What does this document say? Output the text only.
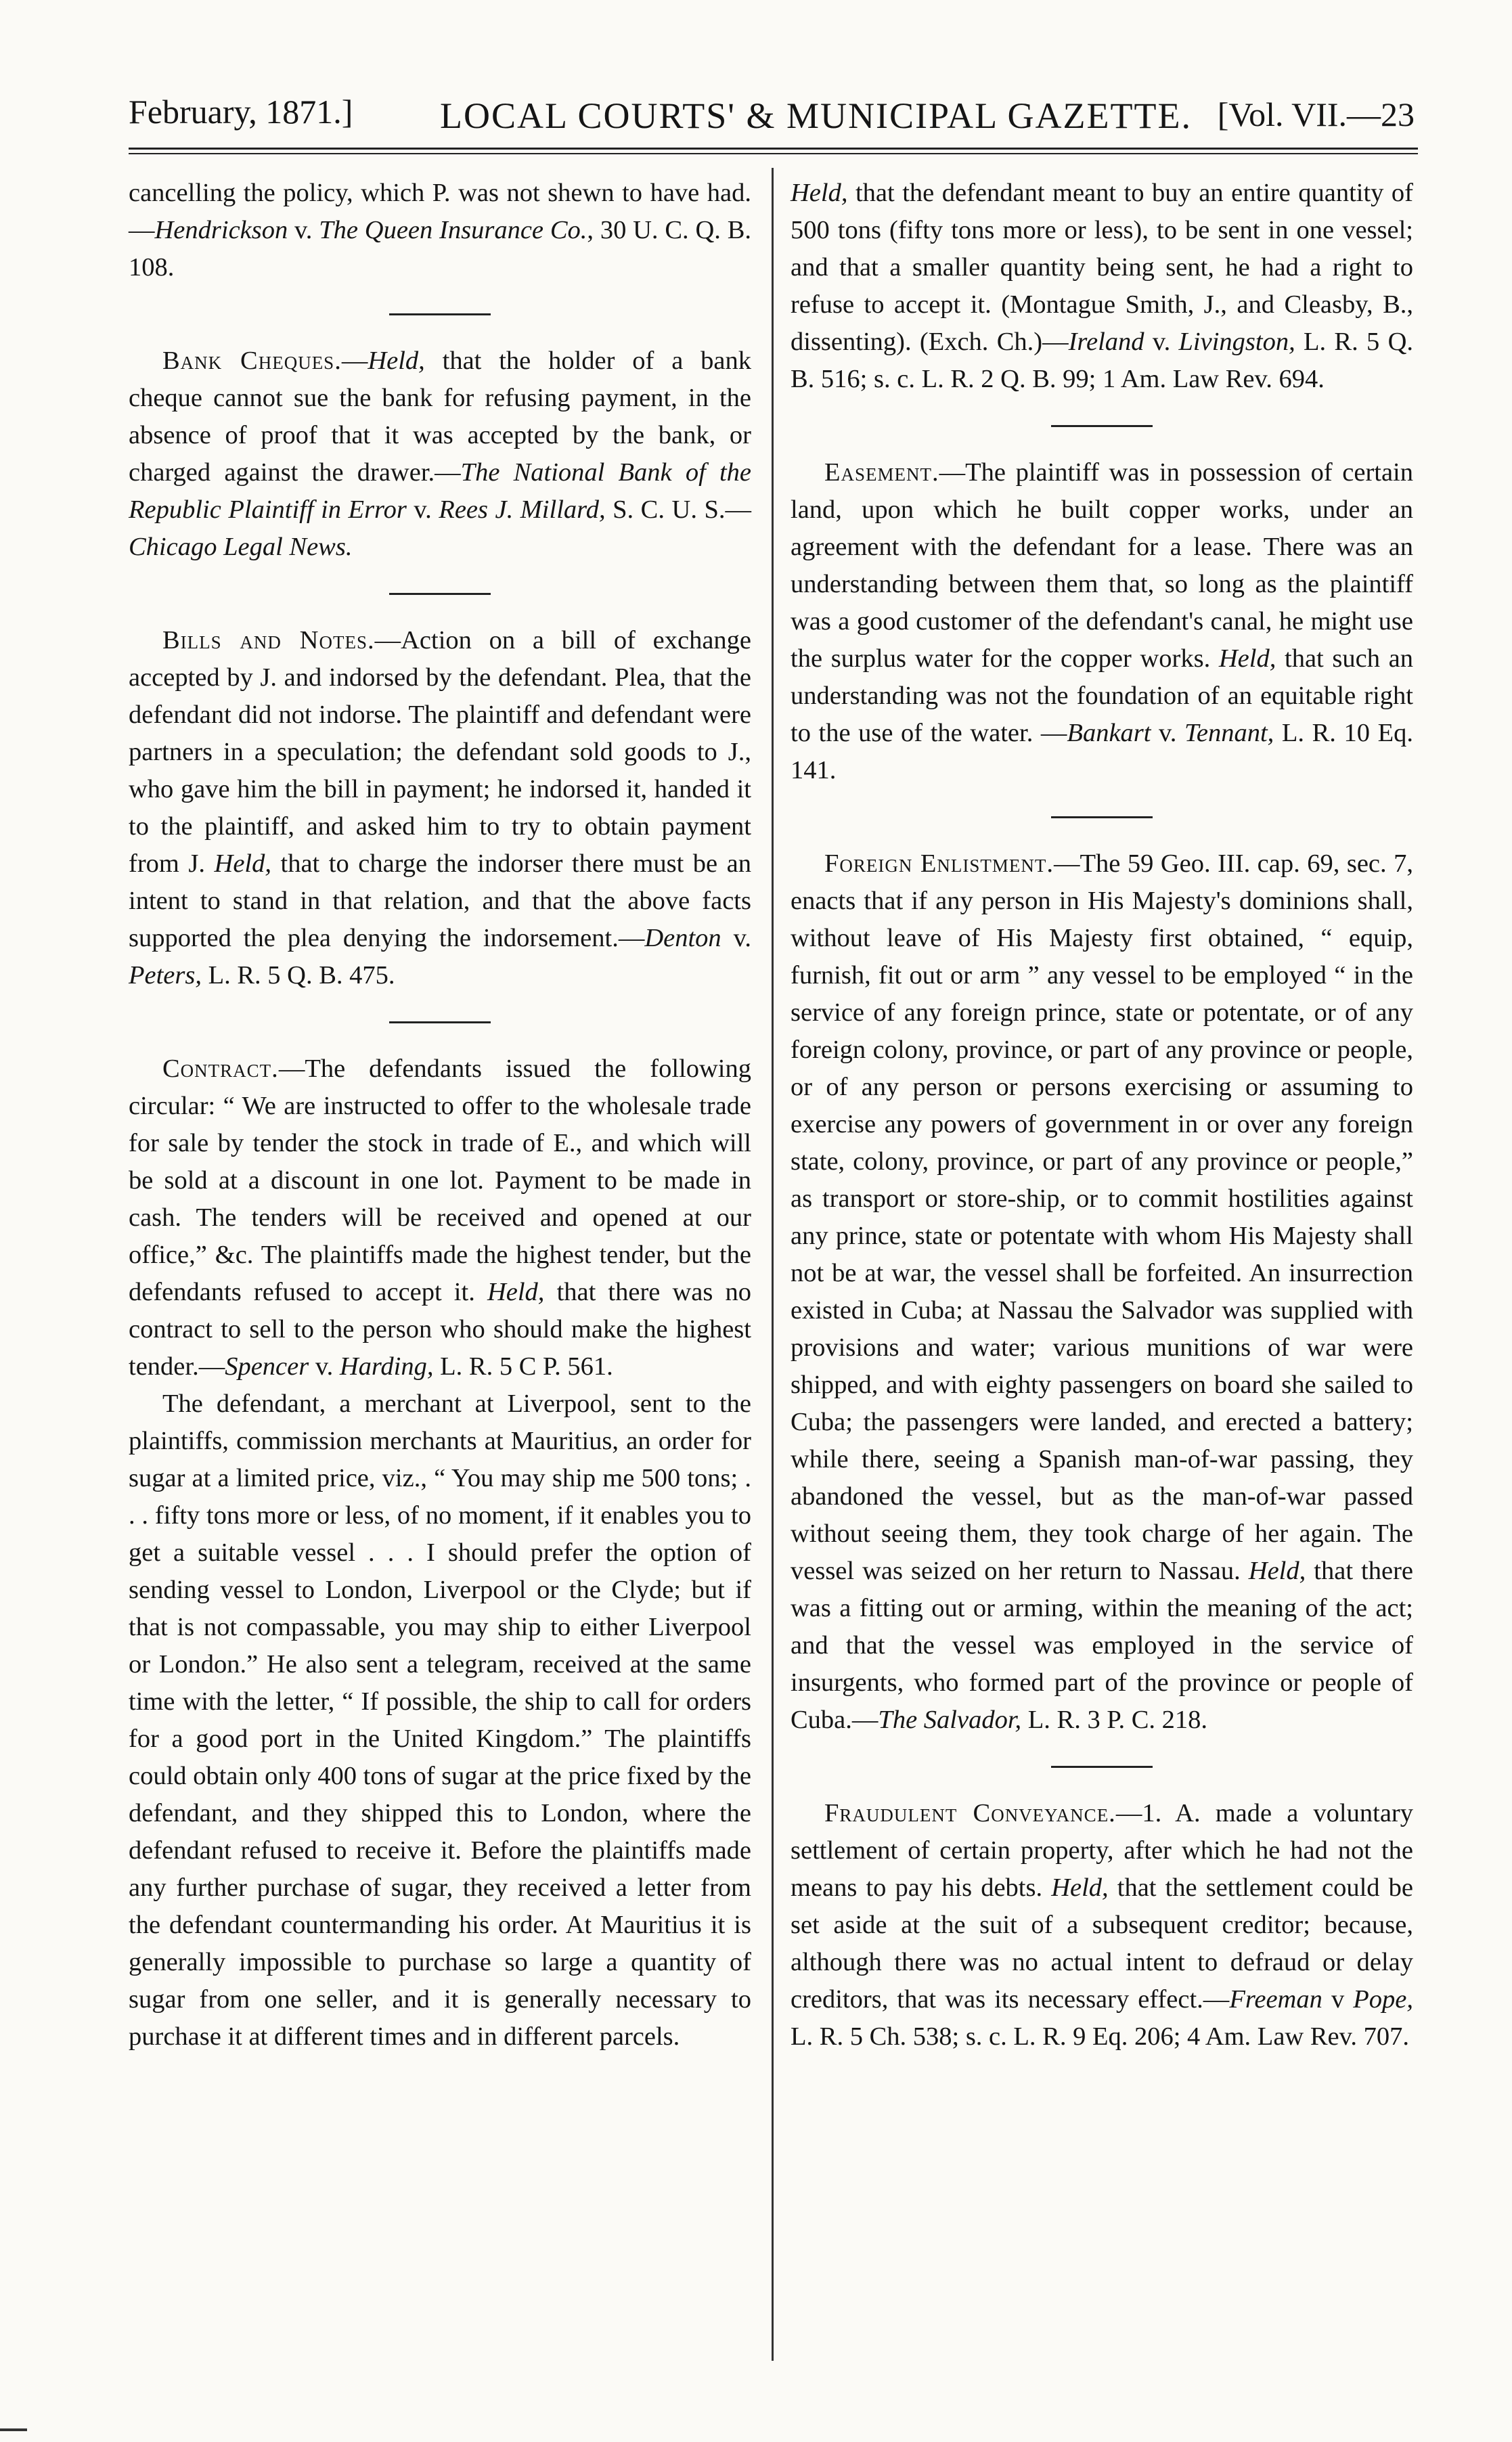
February, 1871.] LOCAL COURTS' & MUNICIPAL GAZETTE. [Vol. VII.—23

cancelling the policy, which P. was not shewn to have had.—Hendrickson v. The Queen Insurance Co., 30 U. C. Q. B. 108.

Bank Cheques.—Held, that the holder of a bank cheque cannot sue the bank for refusing payment, in the absence of proof that it was accepted by the bank, or charged against the drawer.—The National Bank of the Republic Plaintiff in Error v. Rees J. Millard, S. C. U. S.—Chicago Legal News.

Bills and Notes.—Action on a bill of exchange accepted by J. and indorsed by the defendant. Plea, that the defendant did not indorse. The plaintiff and defendant were partners in a speculation; the defendant sold goods to J., who gave him the bill in payment; he indorsed it, handed it to the plaintiff, and asked him to try to obtain payment from J. Held, that to charge the indorser there must be an intent to stand in that relation, and that the above facts supported the plea denying the indorsement.—Denton v. Peters, L. R. 5 Q. B. 475.

Contract.—The defendants issued the following circular: “ We are instructed to offer to the wholesale trade for sale by tender the stock in trade of E., and which will be sold at a discount in one lot. Payment to be made in cash. The tenders will be received and opened at our office,” &c. The plaintiffs made the highest tender, but the defendants refused to accept it. Held, that there was no contract to sell to the person who should make the highest tender.—Spencer v. Harding, L. R. 5 C P. 561.

The defendant, a merchant at Liverpool, sent to the plaintiffs, commission merchants at Mauritius, an order for sugar at a limited price, viz., “ You may ship me 500 tons; . . . fifty tons more or less, of no moment, if it enables you to get a suitable vessel . . . I should prefer the option of sending vessel to London, Liverpool or the Clyde; but if that is not compassable, you may ship to either Liverpool or London.” He also sent a telegram, received at the same time with the letter, “ If possible, the ship to call for orders for a good port in the United Kingdom.” The plaintiffs could obtain only 400 tons of sugar at the price fixed by the defendant, and they shipped this to London, where the defendant refused to receive it. Before the plaintiffs made any further purchase of sugar, they received a letter from the defendant countermanding his order. At Mauritius it is generally impossible to purchase so large a quantity of sugar from one seller, and it is generally necessary to purchase it at different times and in different parcels.

Held, that the defendant meant to buy an entire quantity of 500 tons (fifty tons more or less), to be sent in one vessel; and that a smaller quantity being sent, he had a right to refuse to accept it. (Montague Smith, J., and Cleasby, B., dissenting). (Exch. Ch.)—Ireland v. Livingston, L. R. 5 Q. B. 516; s. c. L. R. 2 Q. B. 99; 1 Am. Law Rev. 694.

Easement.—The plaintiff was in possession of certain land, upon which he built copper works, under an agreement with the defendant for a lease. There was an understanding between them that, so long as the plaintiff was a good customer of the defendant's canal, he might use the surplus water for the copper works. Held, that such an understanding was not the foundation of an equitable right to the use of the water. —Bankart v. Tennant, L. R. 10 Eq. 141.

Foreign Enlistment.—The 59 Geo. III. cap. 69, sec. 7, enacts that if any person in His Majesty's dominions shall, without leave of His Majesty first obtained, “ equip, furnish, fit out or arm ” any vessel to be employed “ in the service of any foreign prince, state or potentate, or of any foreign colony, province, or part of any province or people, or of any person or persons exercising or assuming to exercise any powers of government in or over any foreign state, colony, province, or part of any province or people,” as transport or store-ship, or to commit hostilities against any prince, state or potentate with whom His Majesty shall not be at war, the vessel shall be forfeited. An insurrection existed in Cuba; at Nassau the Salvador was supplied with provisions and water; various munitions of war were shipped, and with eighty passengers on board she sailed to Cuba; the passengers were landed, and erected a battery; while there, seeing a Spanish man-of-war passing, they abandoned the vessel, but as the man-of-war passed without seeing them, they took charge of her again. The vessel was seized on her return to Nassau. Held, that there was a fitting out or arming, within the meaning of the act; and that the vessel was employed in the service of insurgents, who formed part of the province or people of Cuba.—The Salvador, L. R. 3 P. C. 218.

Fraudulent Conveyance.—1. A. made a voluntary settlement of certain property, after which he had not the means to pay his debts. Held, that the settlement could be set aside at the suit of a subsequent creditor; because, although there was no actual intent to defraud or delay creditors, that was its necessary effect.—Freeman v Pope, L. R. 5 Ch. 538; s. c. L. R. 9 Eq. 206; 4 Am. Law Rev. 707.
